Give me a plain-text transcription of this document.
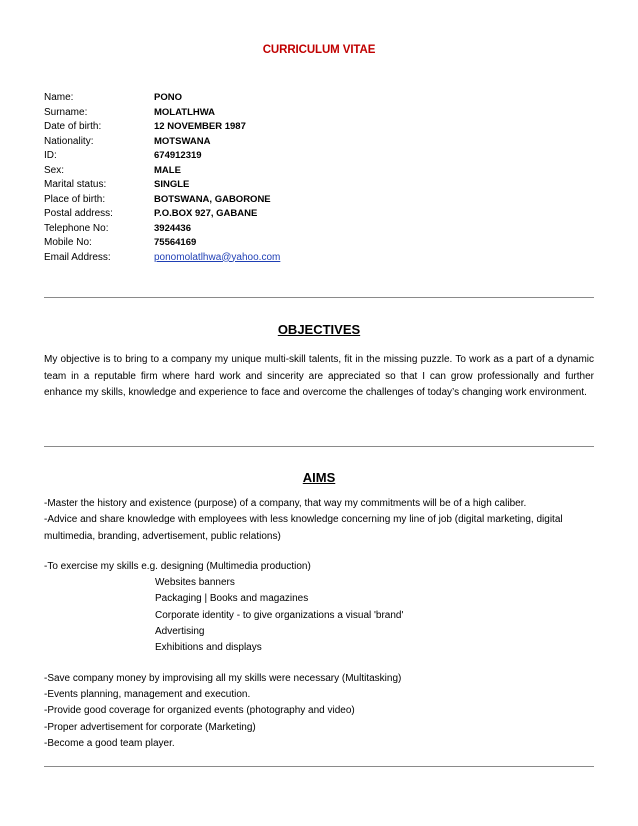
CURRICULUM VITAE
Name:	PONO
Surname:	MOLATLHWA
Date of birth:	12 NOVEMBER 1987
Nationality:	MOTSWANA
ID:	674912319
Sex:	MALE
Marital status:	SINGLE
Place of birth:	BOTSWANA, GABORONE
Postal address:	P.O.BOX 927, GABANE
Telephone No:	3924436
Mobile No:	75564169
Email Address:	ponomolatlhwa@yahoo.com
OBJECTIVES
My objective is to bring to a company my unique multi-skill talents, fit in the missing puzzle. To work as a part of a dynamic team in a reputable firm where hard work and sincerity are appreciated so that I can grow professionally and further enhance my skills, knowledge and experience to face and overcome the challenges of today’s changing work environment.
AIMS
-Master the history and existence (purpose) of a company, that way my commitments will be of a high caliber.
-Advice and share knowledge with employees with less knowledge concerning my line of job (digital marketing, digital multimedia, branding, advertisement, public relations)
-To exercise my skills e.g. designing (Multimedia production)
Websites banners
Packaging | Books and magazines
Corporate identity - to give organizations a visual 'brand'
Advertising
Exhibitions and displays
-Save company money by improvising all my skills were necessary (Multitasking)
-Events planning, management and execution.
-Provide good coverage for organized events (photography and video)
-Proper advertisement for corporate (Marketing)
-Become a good team player.
